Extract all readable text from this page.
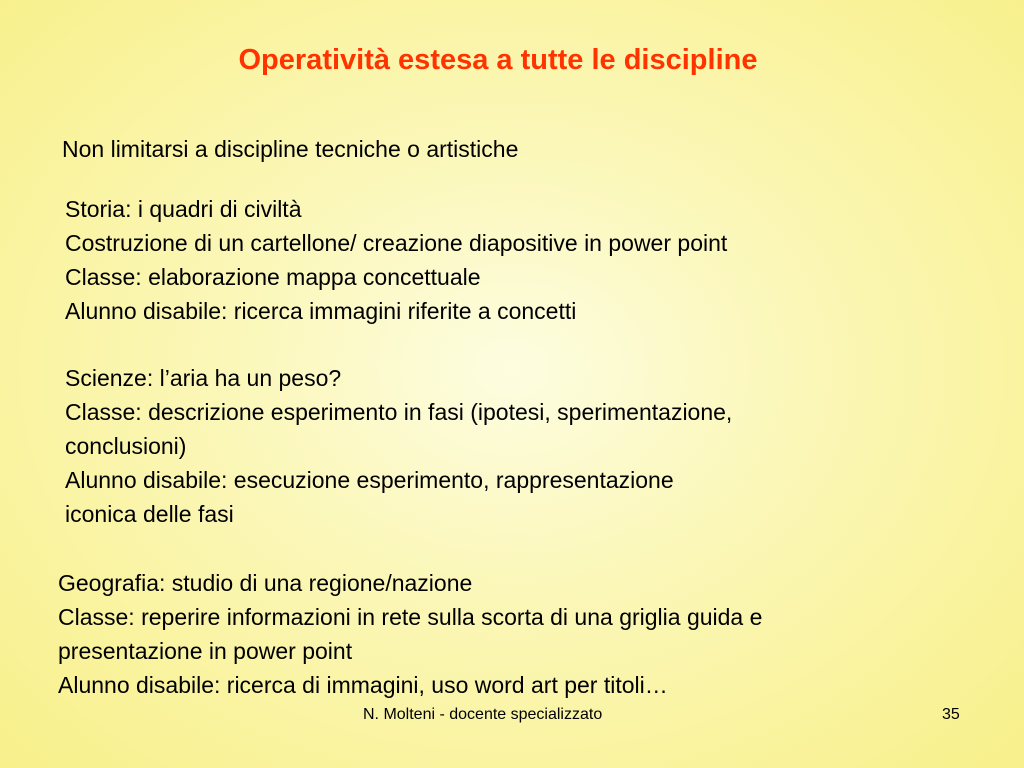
Operatività estesa a tutte le discipline
Non limitarsi a discipline tecniche o artistiche
Storia: i quadri di civiltà
Costruzione di un cartellone/ creazione diapositive in power point
Classe: elaborazione mappa concettuale
Alunno disabile: ricerca immagini riferite a concetti
Scienze: l’aria ha un peso?
Classe: descrizione esperimento in fasi (ipotesi, sperimentazione,
conclusioni)
Alunno disabile: esecuzione esperimento, rappresentazione
iconica delle fasi
Geografia: studio di una regione/nazione
Classe: reperire informazioni in rete sulla scorta di una griglia guida e
presentazione in power point
Alunno disabile: ricerca di immagini, uso word art per titoli…
N. Molteni - docente specializzato	35
